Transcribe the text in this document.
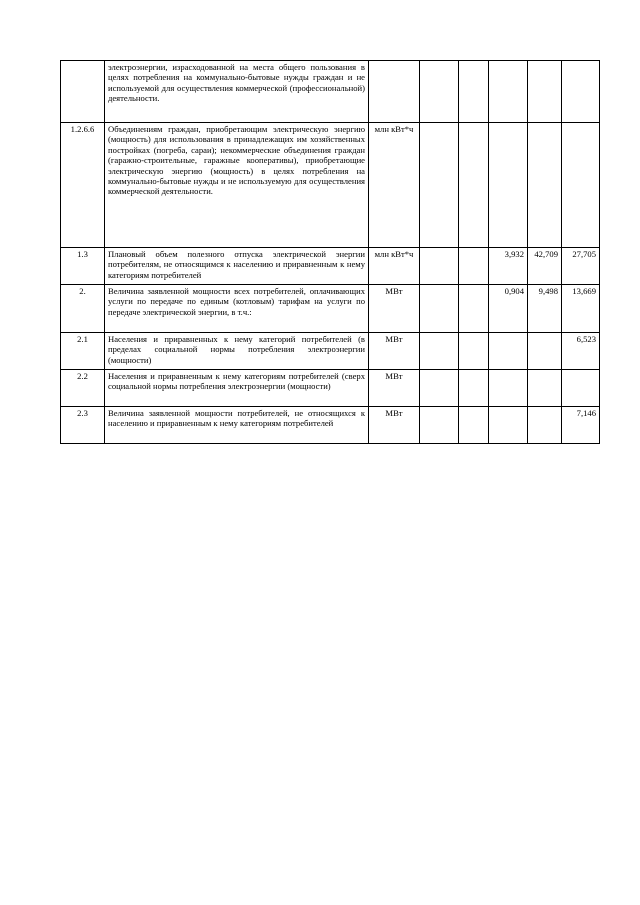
	электроэнергии, израсходованной на места общего пользования в целях потребления на коммунально-бытовые нужды граждан и не используемой для осуществления коммерческой (профессиональной) деятельности.						
1.2.6.6	Объединениям граждан, приобретающим электрическую энергию (мощность) для использования в принадлежащих им хозяйственных постройках (погреба, сараи); некоммерческие объединения граждан (гаражно-строительные, гаражные кооперативы), приобретающие электрическую энергию (мощность) в целях потребления на коммунально-бытовые нужды и не используемую для осуществления коммерческой деятельности.	млн кВт*ч					
1.3	Плановый объем полезного отпуска электрической энергии потребителям, не относящимся к населению и приравненным к нему категориям потребителей	млн кВт*ч			3,932	42,709	27,705
2.	Величина заявленной мощности всех потребителей, оплачивающих услуги по передаче по единым (котловым) тарифам на услуги по передаче электрической энергии, в т.ч.:	МВт			0,904	9,498	13,669
2.1	Населения и приравненных к нему категорий потребителей (в пределах социальной нормы потребления электроэнергии (мощности)	МВт					6,523
2.2	Населения и приравненным к нему категориям потребителей (сверх социальной нормы потребления электроэнергии (мощности)	МВт					
2.3	Величина заявленной мощности потребителей, не относящихся к населению и приравненным к нему категориям потребителей	МВт					7,146
